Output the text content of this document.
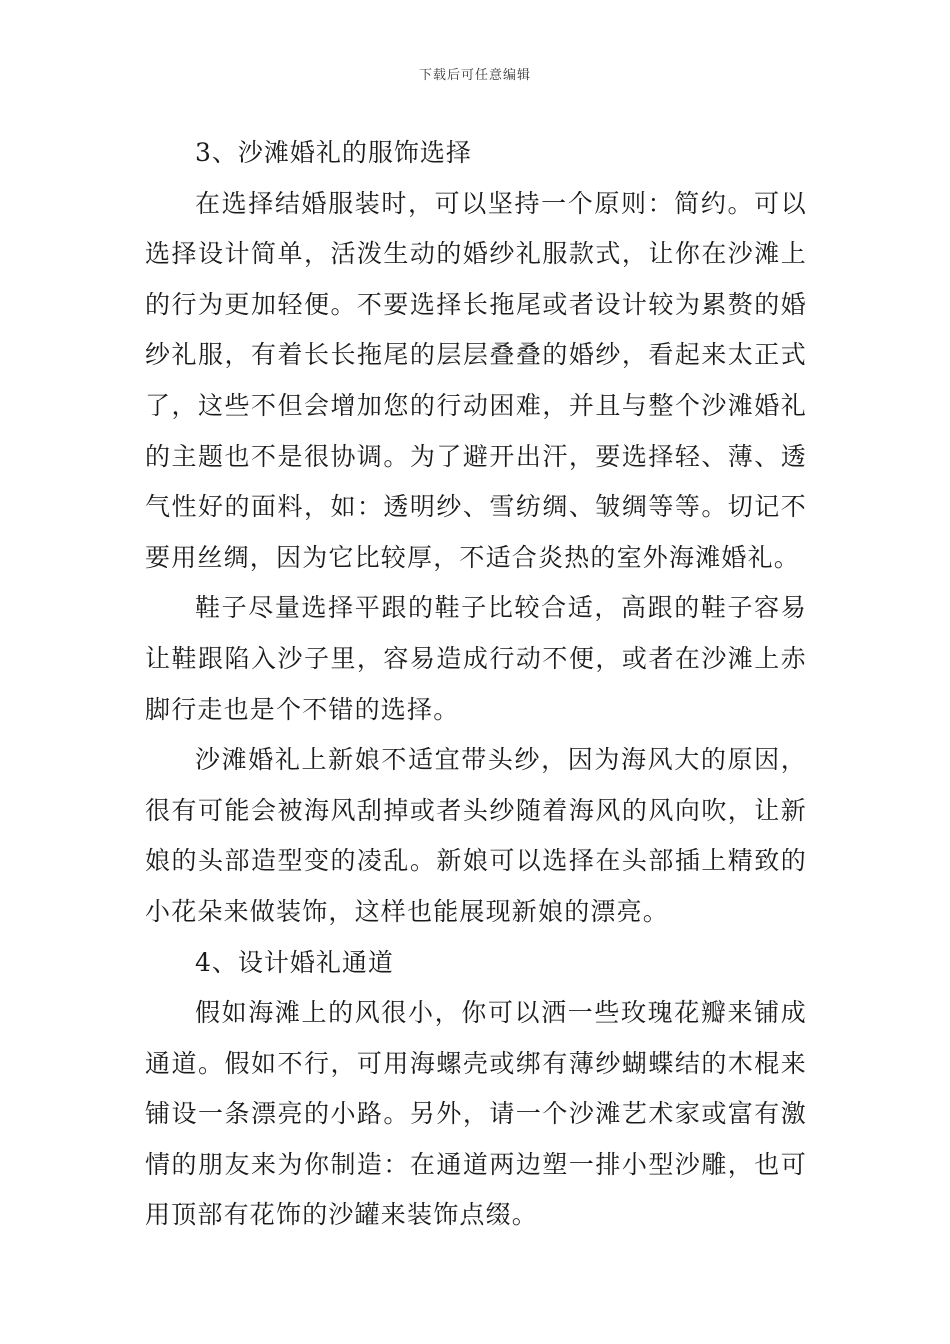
下载后可任意编辑

3、沙滩婚礼的服饰选择

在选择结婚服装时，可以坚持一个原则：简约。可以选择设计简单，活泼生动的婚纱礼服款式，让你在沙滩上的行为更加轻便。不要选择长拖尾或者设计较为累赘的婚纱礼服，有着长长拖尾的层层叠叠的婚纱，看起来太正式了，这些不但会增加您的行动困难，并且与整个沙滩婚礼的主题也不是很协调。为了避开出汗，要选择轻、薄、透气性好的面料，如：透明纱、雪纺绸、皱绸等等。切记不要用丝绸，因为它比较厚，不适合炎热的室外海滩婚礼。

鞋子尽量选择平跟的鞋子比较合适，高跟的鞋子容易让鞋跟陷入沙子里，容易造成行动不便，或者在沙滩上赤脚行走也是个不错的选择。

沙滩婚礼上新娘不适宜带头纱，因为海风大的原因，很有可能会被海风刮掉或者头纱随着海风的风向吹，让新娘的头部造型变的凌乱。新娘可以选择在头部插上精致的小花朵来做装饰，这样也能展现新娘的漂亮。

4、设计婚礼通道

假如海滩上的风很小，你可以洒一些玫瑰花瓣来铺成通道。假如不行，可用海螺壳或绑有薄纱蝴蝶结的木棍来铺设一条漂亮的小路。另外，请一个沙滩艺术家或富有激情的朋友来为你制造：在通道两边塑一排小型沙雕，也可用顶部有花饰的沙罐来装饰点缀。
